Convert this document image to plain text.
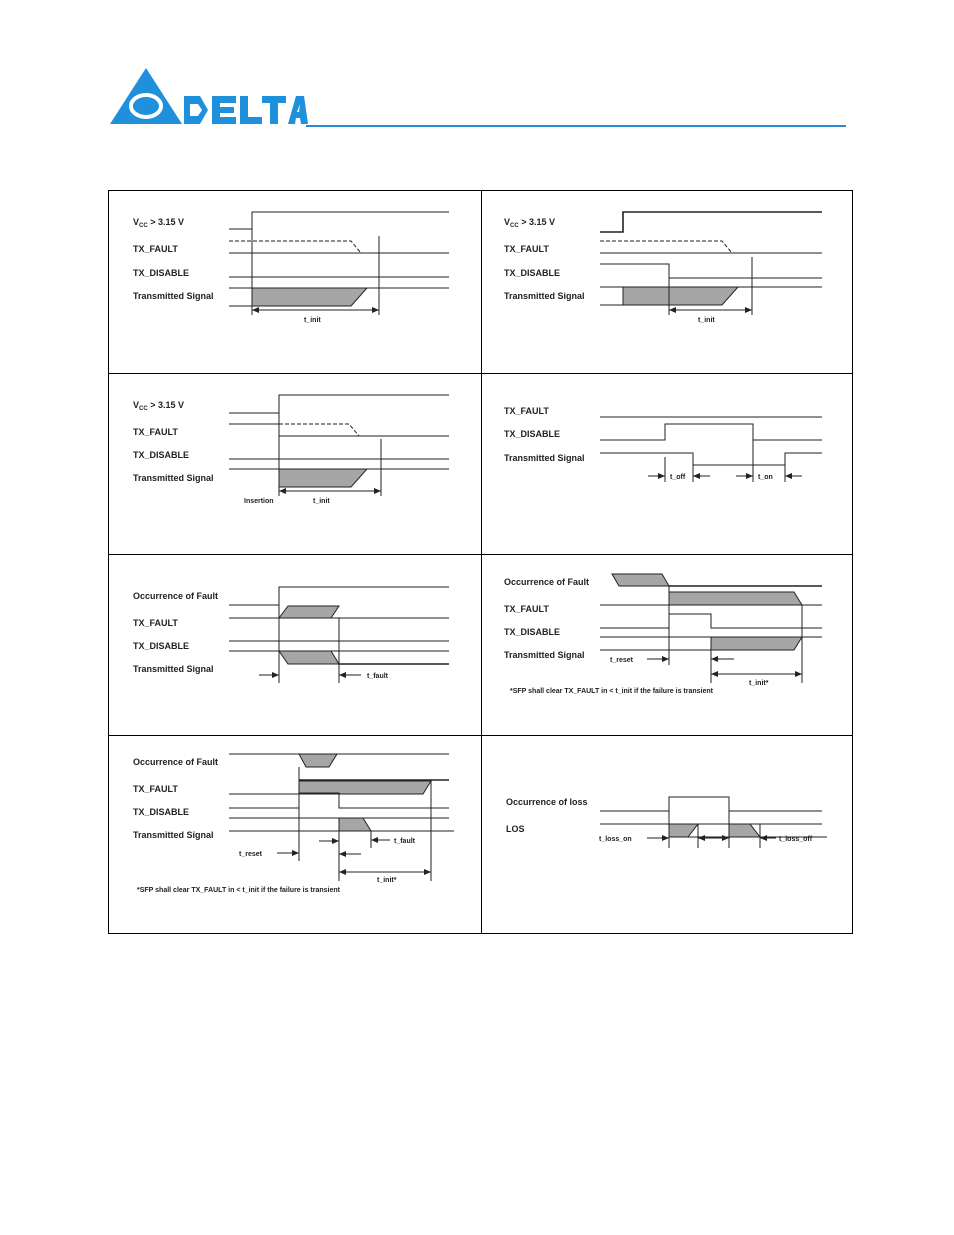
$V_{CC} > 3.15$ V
TX_FAULT
TX_DISABLE
Transmitted Signal
t_init
$V_{CC} > 3.15$ V
TX_FAULT
TX_DISABLE
Transmitted Signal
t_init
$V_{CC} > 3.15$ V
TX_FAULT
TX_DISABLE
Transmitted Signal
Insertion	t_init
TX_FAULT
TX_DISABLE
Transmitted Signal
t_off	t_on
Occurrence of Fault
TX_FAULT
TX_DISABLE
Transmitted Signal
t_fault
Occurrence of Fault
TX_FAULT
TX_DISABLE
Transmitted Signal
t_reset
t_init*
*SFP shall clear TX_FAULT in < t_init if the failure is transient
Occurrence of Fault
TX_FAULT
TX_DISABLE
Transmitted Signal
t_reset
t_fault
t_init*
*SFP shall clear TX_FAULT in < t_init if the failure is transient
Occurrence of loss
LOS
t_loss_on	t_loss_off
